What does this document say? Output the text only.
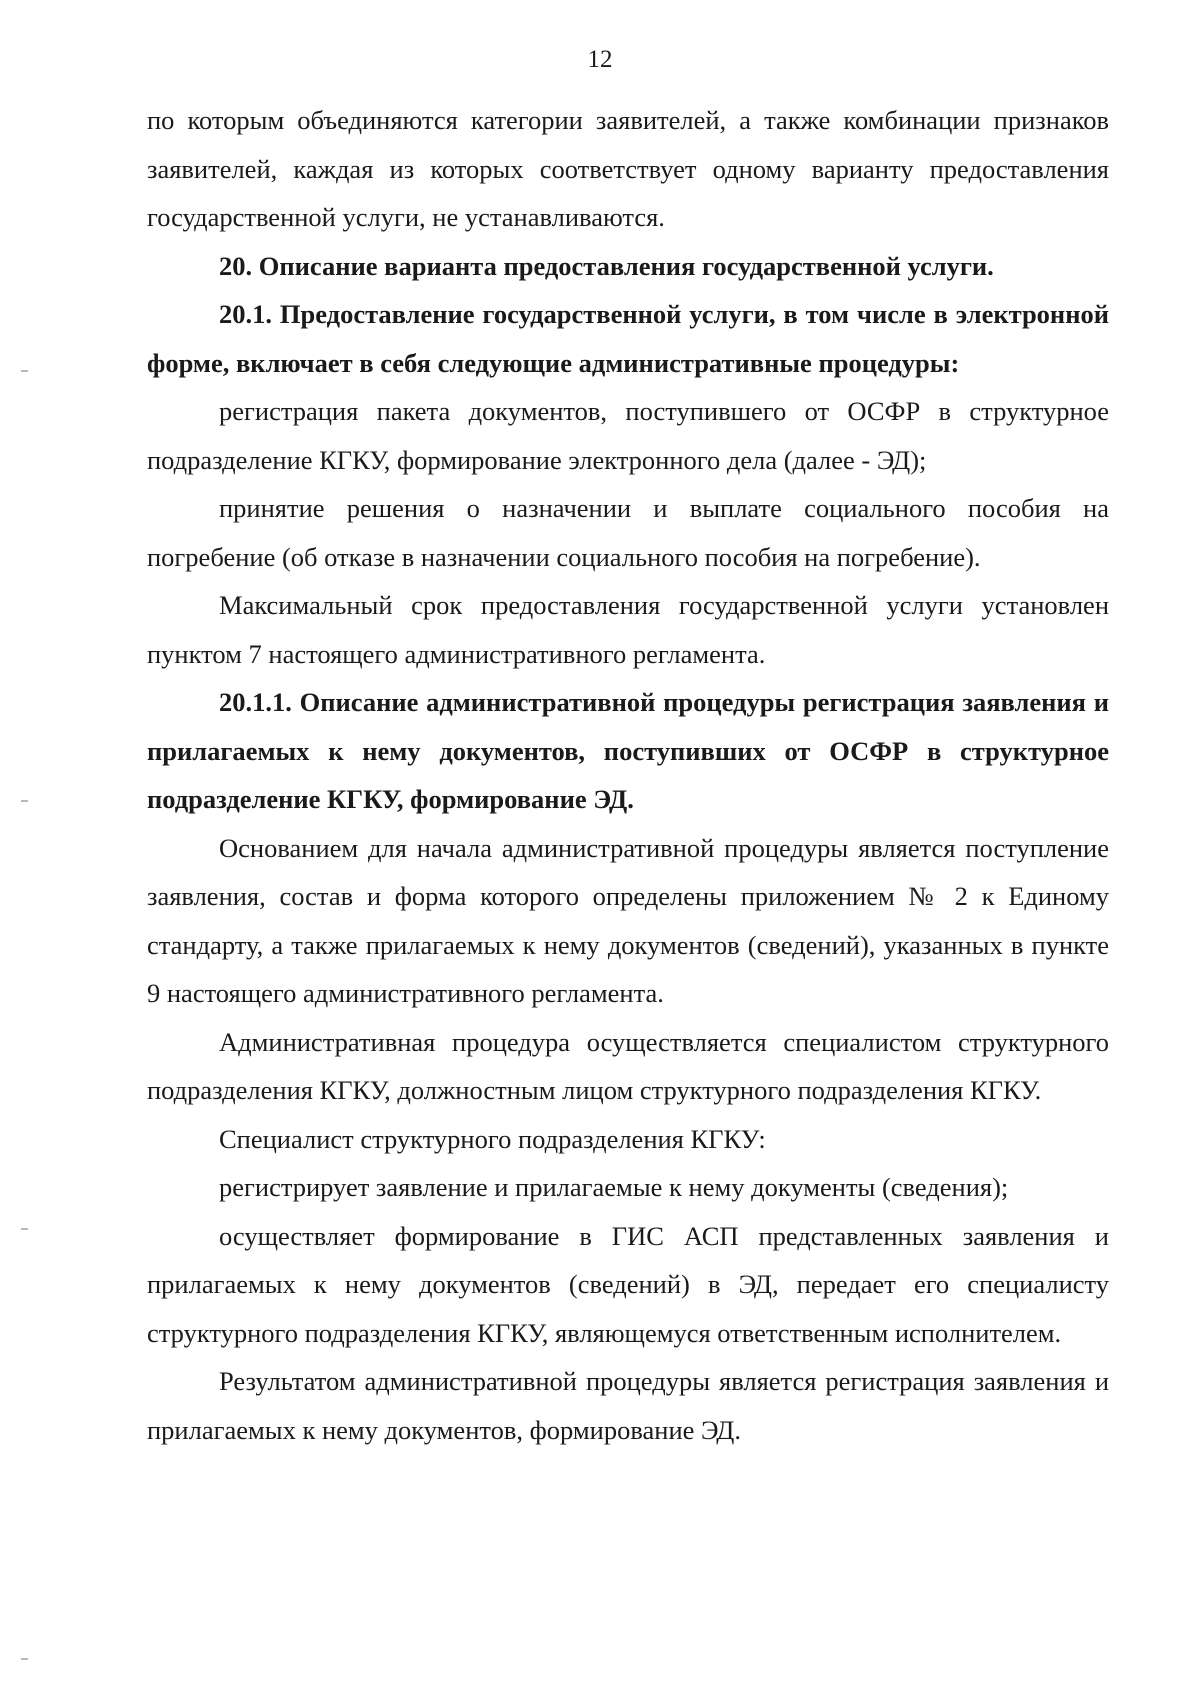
12

по которым объединяются категории заявителей, а также комбинации признаков заявителей, каждая из которых соответствует одному варианту предоставления государственной услуги, не устанавливаются.

20. Описание варианта предоставления государственной услуги.

20.1. Предоставление государственной услуги, в том числе в электронной форме, включает в себя следующие административные процедуры:

регистрация пакета документов, поступившего от ОСФР в структурное подразделение КГКУ, формирование электронного дела (далее - ЭД);

принятие решения о назначении и выплате социального пособия на погребение (об отказе в назначении социального пособия на погребение).

Максимальный срок предоставления государственной услуги установлен пунктом 7 настоящего административного регламента.

20.1.1. Описание административной процедуры регистрация заявления и прилагаемых к нему документов, поступивших от ОСФР в структурное подразделение КГКУ, формирование ЭД.

Основанием для начала административной процедуры является поступление заявления, состав и форма которого определены приложением № 2 к Единому стандарту, а также прилагаемых к нему документов (сведений), указанных в пункте 9 настоящего административного регламента.

Административная процедура осуществляется специалистом структурного подразделения КГКУ, должностным лицом структурного подразделения КГКУ.

Специалист структурного подразделения КГКУ:

регистрирует заявление и прилагаемые к нему документы (сведения);

осуществляет формирование в ГИС АСП представленных заявления и прилагаемых к нему документов (сведений) в ЭД, передает его специалисту структурного подразделения КГКУ, являющемуся ответственным исполнителем.

Результатом административной процедуры является регистрация заявления и прилагаемых к нему документов, формирование ЭД.
